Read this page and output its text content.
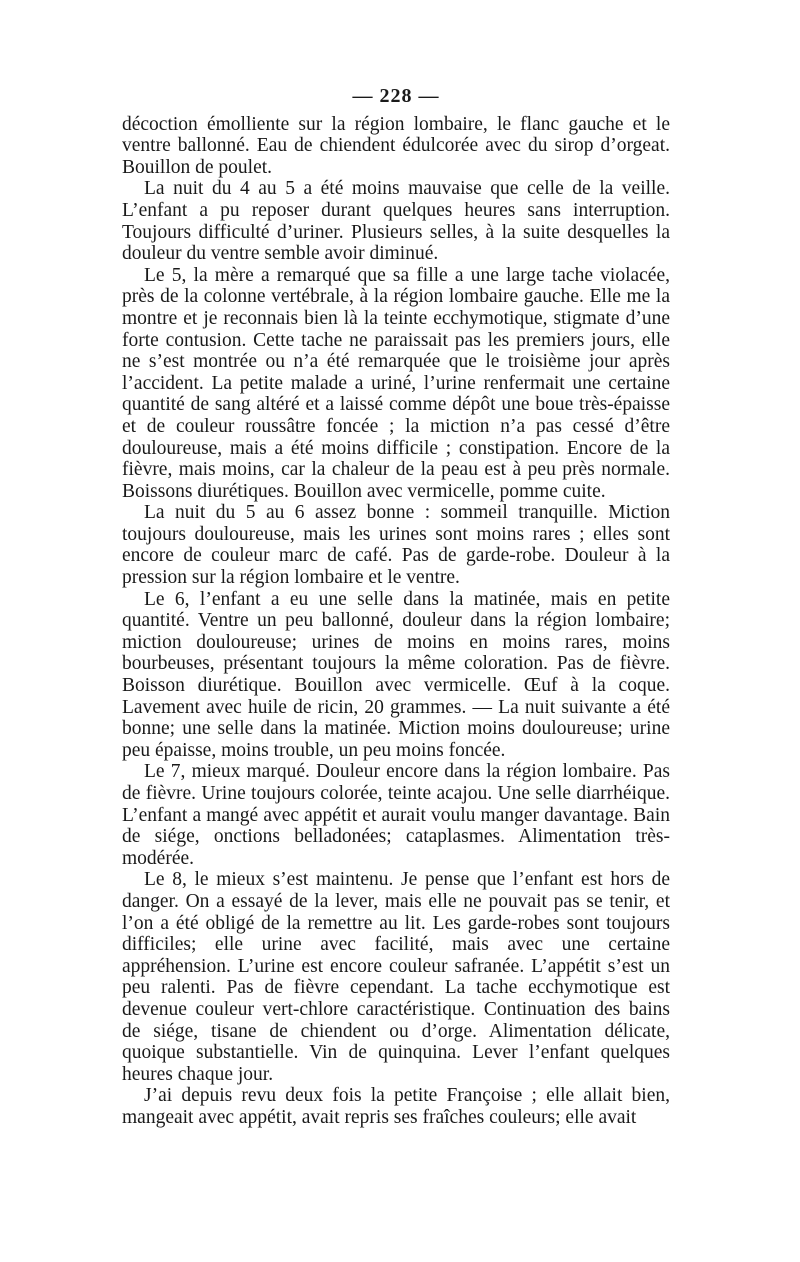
— 228 —

décoction émolliente sur la région lombaire, le flanc gauche et le ventre ballonné. Eau de chiendent édulcorée avec du sirop d’orgeat. Bouillon de poulet.

La nuit du 4 au 5 a été moins mauvaise que celle de la veille. L’enfant a pu reposer durant quelques heures sans interruption. Toujours difficulté d’uriner. Plusieurs selles, à la suite desquelles la douleur du ventre semble avoir diminué.

Le 5, la mère a remarqué que sa fille a une large tache violacée, près de la colonne vertébrale, à la région lombaire gauche. Elle me la montre et je reconnais bien là la teinte ecchymotique, stigmate d’une forte contusion. Cette tache ne paraissait pas les premiers jours, elle ne s’est montrée ou n’a été remarquée que le troisième jour après l’accident. La petite malade a uriné, l’urine renfermait une certaine quantité de sang altéré et a laissé comme dépôt une boue très-épaisse et de couleur roussâtre foncée ; la miction n’a pas cessé d’être douloureuse, mais a été moins difficile ; constipation. Encore de la fièvre, mais moins, car la chaleur de la peau est à peu près normale. Boissons diurétiques. Bouillon avec vermicelle, pomme cuite.

La nuit du 5 au 6 assez bonne : sommeil tranquille. Miction toujours douloureuse, mais les urines sont moins rares ; elles sont encore de couleur marc de café. Pas de garde-robe. Douleur à la pression sur la région lombaire et le ventre.

Le 6, l’enfant a eu une selle dans la matinée, mais en petite quantité. Ventre un peu ballonné, douleur dans la région lombaire; miction douloureuse; urines de moins en moins rares, moins bourbeuses, présentant toujours la même coloration. Pas de fièvre. Boisson diurétique. Bouillon avec vermicelle. Œuf à la coque. Lavement avec huile de ricin, 20 grammes. — La nuit suivante a été bonne; une selle dans la matinée. Miction moins douloureuse; urine peu épaisse, moins trouble, un peu moins foncée.

Le 7, mieux marqué. Douleur encore dans la région lombaire. Pas de fièvre. Urine toujours colorée, teinte acajou. Une selle diarrhéique. L’enfant a mangé avec appétit et aurait voulu manger davantage. Bain de siége, onctions belladonées; cataplasmes. Alimentation très-modérée.

Le 8, le mieux s’est maintenu. Je pense que l’enfant est hors de danger. On a essayé de la lever, mais elle ne pouvait pas se tenir, et l’on a été obligé de la remettre au lit. Les garde-robes sont toujours difficiles; elle urine avec facilité, mais avec une certaine appréhension. L’urine est encore couleur safranée. L’appétit s’est un peu ralenti. Pas de fièvre cependant. La tache ecchymotique est devenue couleur vert-chlore caractéristique. Continuation des bains de siége, tisane de chiendent ou d’orge. Alimentation délicate, quoique substantielle. Vin de quinquina. Lever l’enfant quelques heures chaque jour.

J’ai depuis revu deux fois la petite Françoise ; elle allait bien, mangeait avec appétit, avait repris ses fraîches couleurs; elle avait
